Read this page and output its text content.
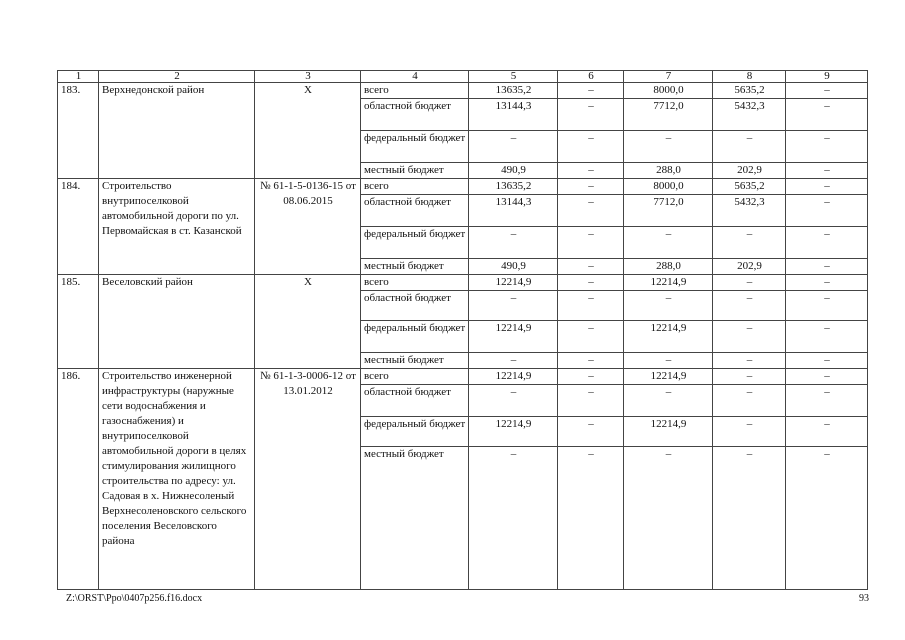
1	2	3	4	5	6	7	8	9
183.	Верхнедонской район	Х	всего	13635,2	–	8000,0	5635,2	–
			областной бюджет	13144,3	–	7712,0	5432,3	–
			федеральный бюджет	–	–	–	–	–
			местный бюджет	490,9	–	288,0	202,9	–
184.	Строительство внутрипоселковой автомобильной дороги по ул. Первомайская в ст. Казанской	№ 61-1-5-0136-15 от 08.06.2015	всего	13635,2	–	8000,0	5635,2	–
			областной бюджет	13144,3	–	7712,0	5432,3	–
			федеральный бюджет	–	–	–	–	–
			местный бюджет	490,9	–	288,0	202,9	–
185.	Веселовский район	Х	всего	12214,9	–	12214,9	–	–
			областной бюджет	–	–	–	–	–
			федеральный бюджет	12214,9	–	12214,9	–	–
			местный бюджет	–	–	–	–	–
186.	Строительство инженерной инфраструктуры (наружные сети водоснабжения и газоснабжения) и внутрипоселковой автомобильной дороги в целях стимулирования жилищного строительства по адресу: ул. Садовая в х. Нижнесоленый Верхнесоленовского сельского поселения Веселовского района	№ 61-1-3-0006-12 от 13.01.2012	всего	12214,9	–	12214,9	–	–
			областной бюджет	–	–	–	–	–
			федеральный бюджет	12214,9	–	12214,9	–	–
			местный бюджет	–	–	–	–	–
Z:\ORST\Ppo\0407p256.f16.docx	93
